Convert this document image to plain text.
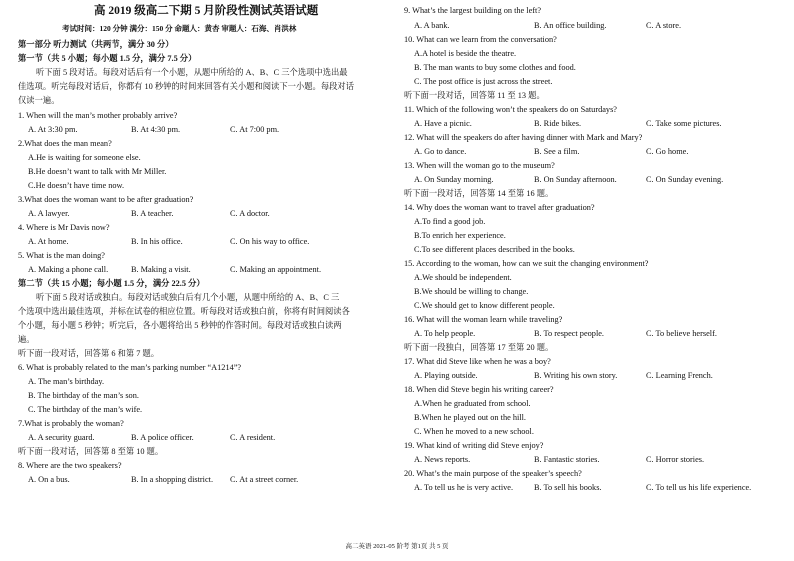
高 2019 级高二下期 5 月阶段性测试英语试题
考试时间：120 分钟 满分：150 分 命题人：黄杏 审题人：石海、肖洪林
第一部分 听力测试（共两节，满分 30 分）
第一节（共 5 小题；每小题 1.5 分，满分 7.5 分）
听下面 5 段对话。每段对话后有一个小题，从题中所给的 A、B、C 三个选项中选出最
佳选项。听完每段对话后，你都有 10 秒钟的时间来回答有关小题和阅读下一小题。每段对话
仅读一遍。
1. When will the man’s mother probably arrive?
A. At 3:30 pm.	B. At 4:30 pm.	C. At 7:00 pm.
2.What does the man mean?
A.He is waiting for someone else.
B.He doesn’t want to talk with Mr Miller.
C.He doesn’t have time now.
3.What does the woman want to be after graduation?
A. A lawyer.	B. A teacher.	C. A doctor.
4. Where is Mr Davis now?
A. At home.	B. In his office.	C. On his way to office.
5. What is the man doing?
A. Making a phone call.	B. Making a visit.	C. Making an appointment.
第二节（共 15 小题；每小题 1.5 分，满分 22.5 分）
听下面 5 段对话或独白。每段对话或独白后有几个小题，从题中所给的 A、B、C 三
个选项中选出最佳选项，并标在试卷的相应位置。听每段对话或独白前，你将有时间阅读各
个小题，每小题 5 秒钟；听完后，各小题将给出 5 秒钟的作答时间。每段对话或独白读两
遍。
听下面一段对话，回答第 6 和第 7 题。
6. What is probably related to the man’s parking number “A1214”?
A. The man’s birthday.
B. The birthday of the man’s son.
C. The birthday of the man’s wife.
7.What is probably the woman?
A. A security guard.	B. A police officer.	C. A resident.
听下面一段对话，回答第 8 至第 10 题。
8. Where are the two speakers?
A. On a bus.	B. In a shopping district. C. At a street corner.
9. What’s the largest building on the left?
A. A bank.	B. An office building.	C. A store.
10. What can we learn from the conversation?
A.A hotel is beside the theatre.
B. The man wants to buy some clothes and food.
C. The post office is just across the street.
听下面一段对话，回答第 11 至 13 题。
11. Which of the following won’t the speakers do on Saturdays?
A. Have a picnic.	B. Ride bikes.	C. Take some pictures.
12. What will the speakers do after having dinner with Mark and Mary?
A. Go to dance.	B. See a film.	C. Go home.
13. When will the woman go to the museum?
A. On Sunday morning.	B. On Sunday afternoon.	C. On Sunday evening.
听下面一段对话，回答第 14 至第 16 题。
14. Why does the woman want to travel after graduation?
A.To find a good job.
B.To enrich her experience.
C.To see different places described in the books.
15. According to the woman, how can we suit the changing environment?
A.We should be independent.
B.We should be willing to change.
C.We should get to know different people.
16. What will the woman learn while traveling?
A. To help people.	B. To respect people.	C. To believe herself.
听下面一段独白，回答第 17 至第 20 题。
17. What did Steve like when he was a boy?
A. Playing outside.	B. Writing his own story.	C. Learning French.
18. When did Steve begin his writing career?
A.When he graduated from school.
B.When he played out on the hill.
C. When he moved to a new school.
19. What kind of writing did Steve enjoy?
A. News reports.	B. Fantastic stories.	C. Horror stories.
20. What’s the main purpose of the speaker’s speech?
A. To tell us he is very active.	B. To sell his books.	C. To tell us his life experience.
高二英语 2021-05 阶考 第1页 共 5 页
